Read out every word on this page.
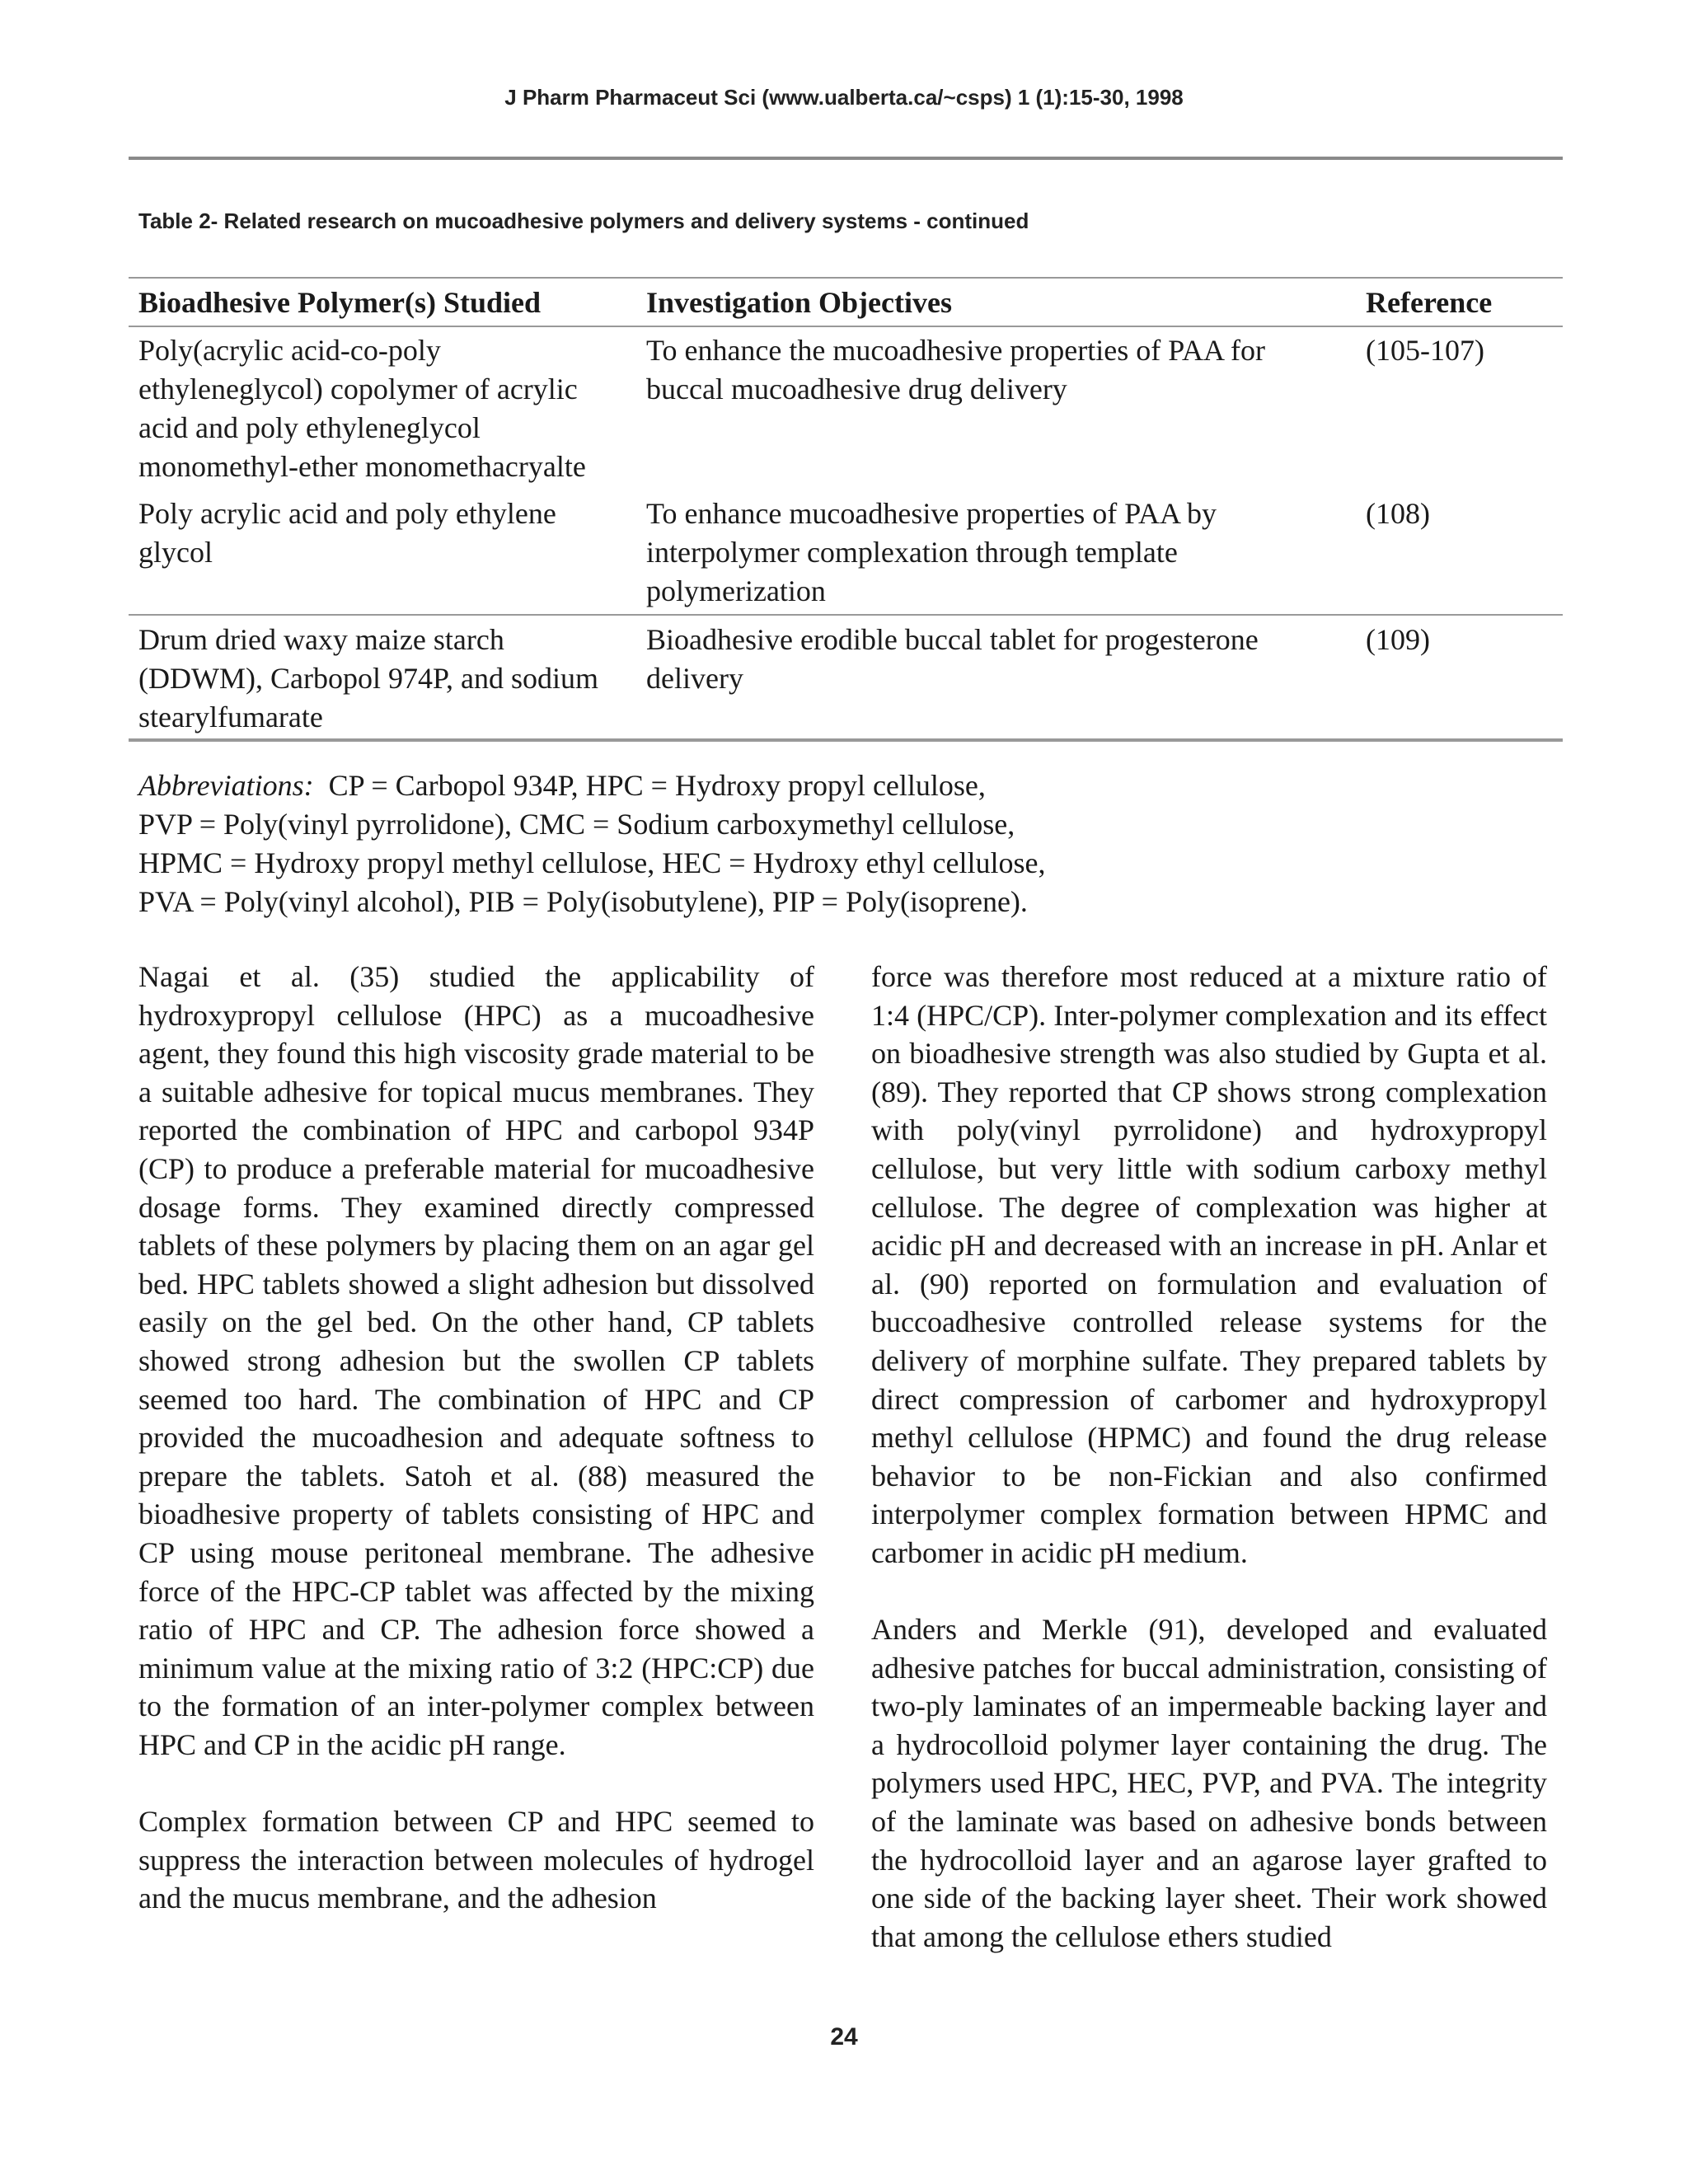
J Pharm Pharmaceut Sci (www.ualberta.ca/~csps) 1 (1):15-30, 1998
Table 2- Related research on mucoadhesive polymers and delivery systems - continued
Bioadhesive Polymer(s) Studied	Investigation Objectives	Reference
Poly(acrylic acid-co-poly ethyleneglycol) copolymer of acrylic acid and poly ethyleneglycol monomethyl-ether monomethacryalte	To enhance the mucoadhesive properties of PAA for buccal mucoadhesive drug delivery	(105-107)
Poly acrylic acid and poly ethylene glycol	To enhance mucoadhesive properties of PAA by interpolymer complexation through template polymerization	(108)
Drum dried waxy maize starch (DDWM), Carbopol 974P, and sodium stearylfumarate	Bioadhesive erodible buccal tablet for progesterone delivery	(109)

Abbreviations: CP = Carbopol 934P, HPC = Hydroxy propyl cellulose,

PVP = Poly(vinyl pyrrolidone), CMC = Sodium carboxymethyl cellulose,

HPMC = Hydroxy propyl methyl cellulose, HEC = Hydroxy ethyl cellulose,

PVA = Poly(vinyl alcohol), PIB = Poly(isobutylene), PIP = Poly(isoprene).

Nagai et al. (35) studied the applicability of hydroxypropyl cellulose (HPC) as a mucoadhesive agent, they found this high viscosity grade material to be a suitable adhesive for topical mucus membranes. They reported the combination of HPC and carbopol 934P (CP) to produce a preferable material for mucoadhesive dosage forms. They examined directly compressed tablets of these polymers by placing them on an agar gel bed. HPC tablets showed a slight adhesion but dissolved easily on the gel bed. On the other hand, CP tablets showed strong adhesion but the swollen CP tablets seemed too hard. The combination of HPC and CP provided the mucoadhesion and adequate softness to prepare the tablets. Satoh et al. (88) measured the bioadhesive property of tablets consisting of HPC and CP using mouse peritoneal membrane. The adhesive force of the HPC-CP tablet was affected by the mixing ratio of HPC and CP. The adhesion force showed a minimum value at the mixing ratio of 3:2 (HPC:CP) due to the formation of an inter-polymer complex between HPC and CP in the acidic pH range.

Complex formation between CP and HPC seemed to suppress the interaction between molecules of hydrogel and the mucus membrane, and the adhesion

force was therefore most reduced at a mixture ratio of 1:4 (HPC/CP). Inter-polymer complexation and its effect on bioadhesive strength was also studied by Gupta et al. (89). They reported that CP shows strong complexation with poly(vinyl pyrrolidone) and hydroxypropyl cellulose, but very little with sodium carboxy methyl cellulose. The degree of complexation was higher at acidic pH and decreased with an increase in pH. Anlar et al. (90) reported on formulation and evaluation of buccoadhesive controlled release systems for the delivery of morphine sulfate. They prepared tablets by direct compression of carbomer and hydroxypropyl methyl cellulose (HPMC) and found the drug release behavior to be non-Fickian and also confirmed interpolymer complex formation between HPMC and carbomer in acidic pH medium.

Anders and Merkle (91), developed and evaluated adhesive patches for buccal administration, consisting of two-ply laminates of an impermeable backing layer and a hydrocolloid polymer layer containing the drug. The polymers used HPC, HEC, PVP, and PVA. The integrity of the laminate was based on adhesive bonds between the hydrocolloid layer and an agarose layer grafted to one side of the backing layer sheet. Their work showed that among the cellulose ethers studied

24
